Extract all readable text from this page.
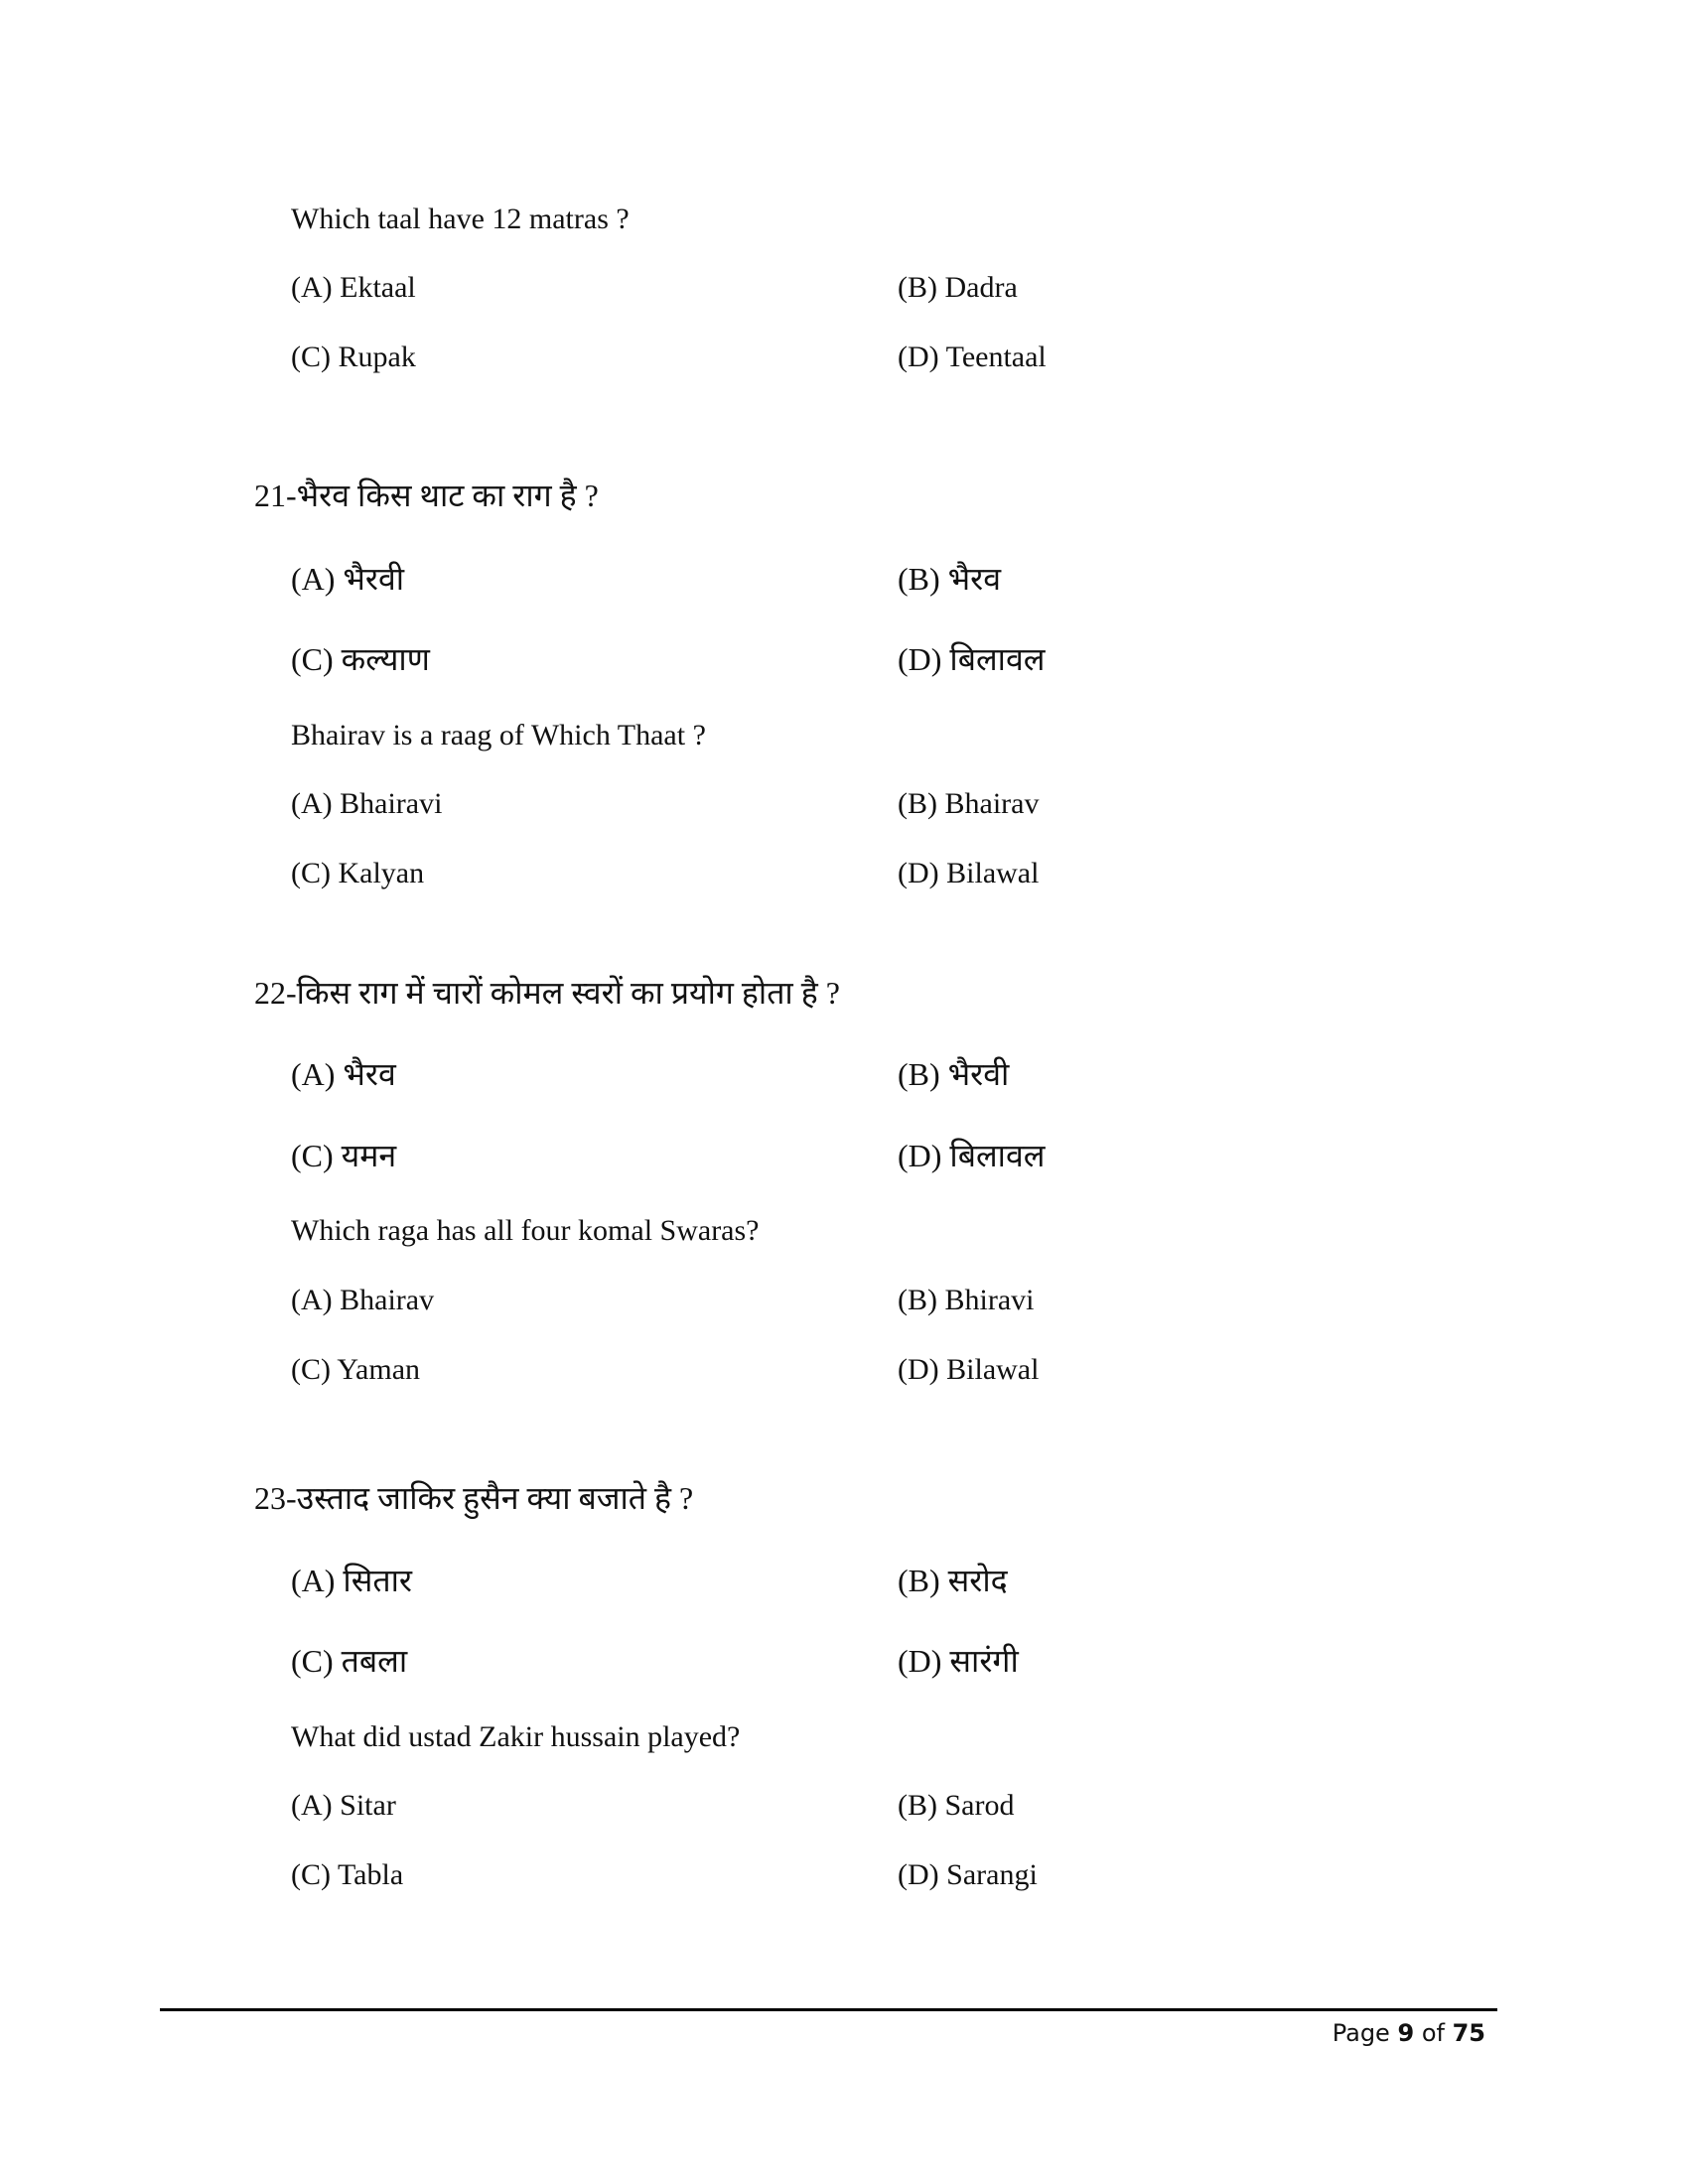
Which taal have 12 matras ?
(A) Ektaal	(B) Dadra
(C) Rupak	(D) Teentaal
21-भैरव किस थाट का राग है ?
(A) भैरवी	(B) भैरव
(C) कल्याण	(D) बिलावल
Bhairav is a raag of Which Thaat ?
(A) Bhairavi	(B) Bhairav
(C) Kalyan	(D) Bilawal
22-किस राग में चारों कोमल स्वरों का प्रयोग होता है ?
(A) भैरव	(B) भैरवी
(C) यमन	(D) बिलावल
Which raga has all four komal Swaras?
(A) Bhairav	(B) Bhiravi
(C) Yaman	(D) Bilawal
23-उस्ताद जाकिर हुसैन क्या बजाते है ?
(A) सितार	(B) सरोद
(C) तबला	(D) सारंगी
What did ustad Zakir hussain played?
(A) Sitar	(B) Sarod
(C) Tabla	(D) Sarangi
Page 9 of 75
